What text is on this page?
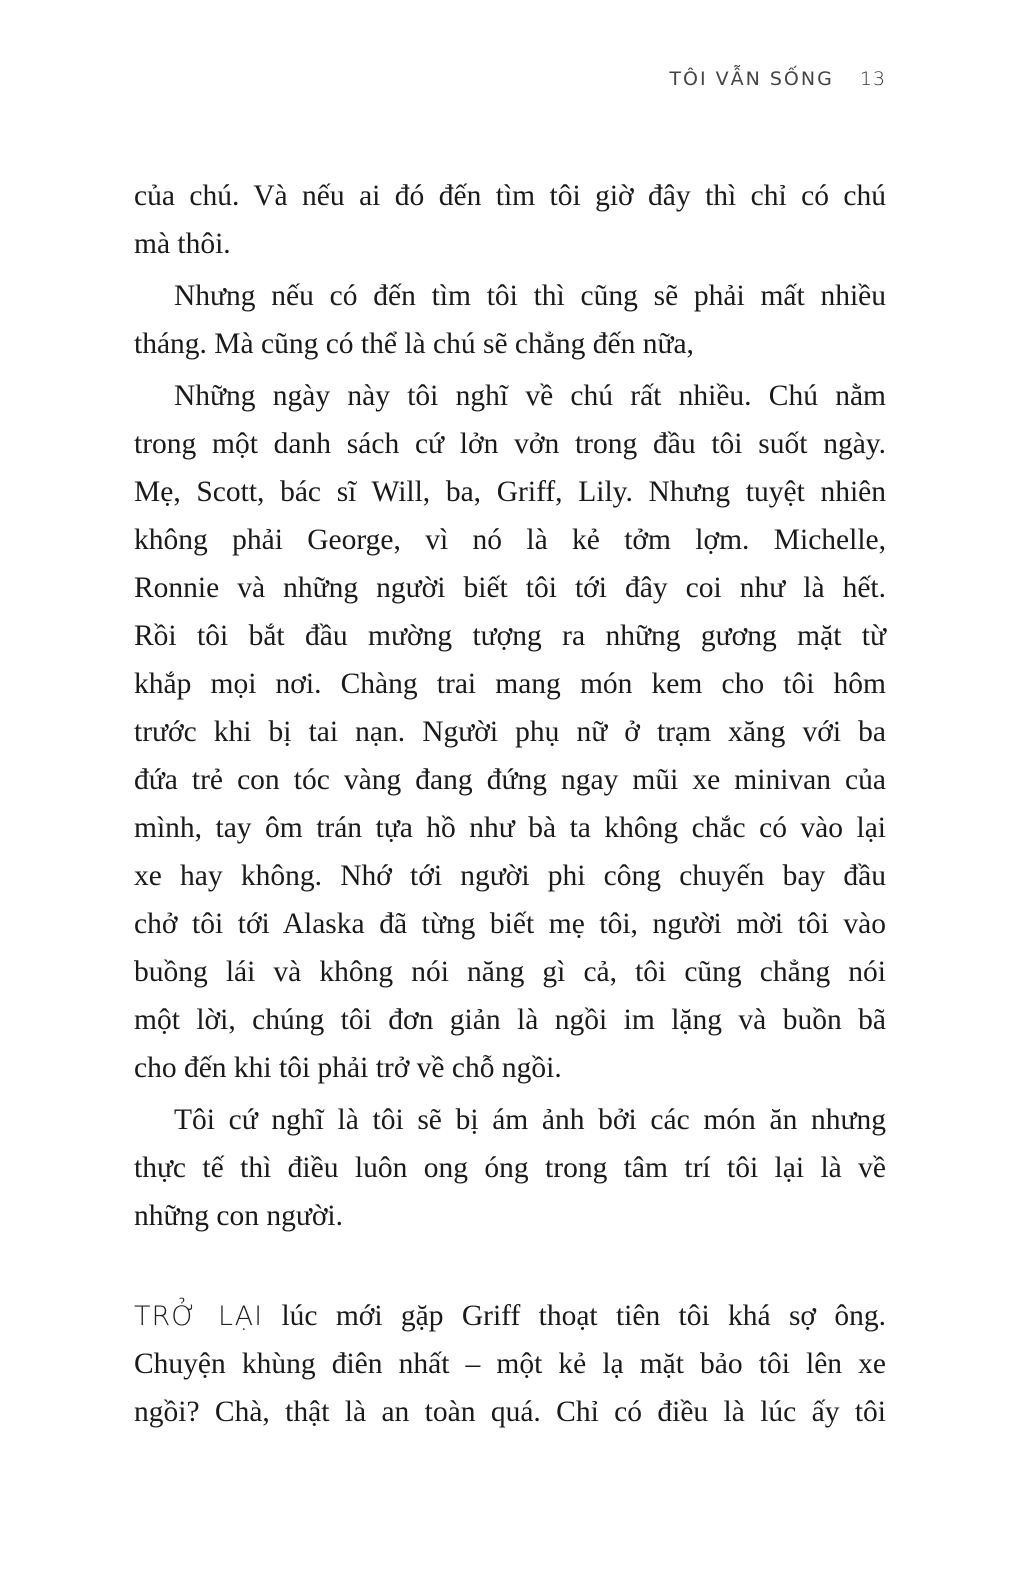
TÔI VẪN SỐNG 13
của chú. Và nếu ai đó đến tìm tôi giờ đây thì chỉ có chú
mà thôi.
Nhưng nếu có đến tìm tôi thì cũng sẽ phải mất nhiều
tháng. Mà cũng có thể là chú sẽ chẳng đến nữa,
Những ngày này tôi nghĩ về chú rất nhiều. Chú nằm
trong một danh sách cứ lởn vởn trong đầu tôi suốt ngày.
Mẹ, Scott, bác sĩ Will, ba, Griff, Lily. Nhưng tuyệt nhiên
không phải George, vì nó là kẻ tởm lợm. Michelle,
Ronnie và những người biết tôi tới đây coi như là hết.
Rồi tôi bắt đầu mường tượng ra những gương mặt từ
khắp mọi nơi. Chàng trai mang món kem cho tôi hôm
trước khi bị tai nạn. Người phụ nữ ở trạm xăng với ba
đứa trẻ con tóc vàng đang đứng ngay mũi xe minivan của
mình, tay ôm trán tựa hồ như bà ta không chắc có vào lại
xe hay không. Nhớ tới người phi công chuyến bay đầu
chở tôi tới Alaska đã từng biết mẹ tôi, người mời tôi vào
buồng lái và không nói năng gì cả, tôi cũng chẳng nói
một lời, chúng tôi đơn giản là ngồi im lặng và buồn bã
cho đến khi tôi phải trở về chỗ ngồi.
Tôi cứ nghĩ là tôi sẽ bị ám ảnh bởi các món ăn nhưng
thực tế thì điều luôn ong óng trong tâm trí tôi lại là về
những con người.
TRỞ LẠI lúc mới gặp Griff thoạt tiên tôi khá sợ ông.
Chuyện khùng điên nhất – một kẻ lạ mặt bảo tôi lên xe
ngồi? Chà, thật là an toàn quá. Chỉ có điều là lúc ấy tôi
